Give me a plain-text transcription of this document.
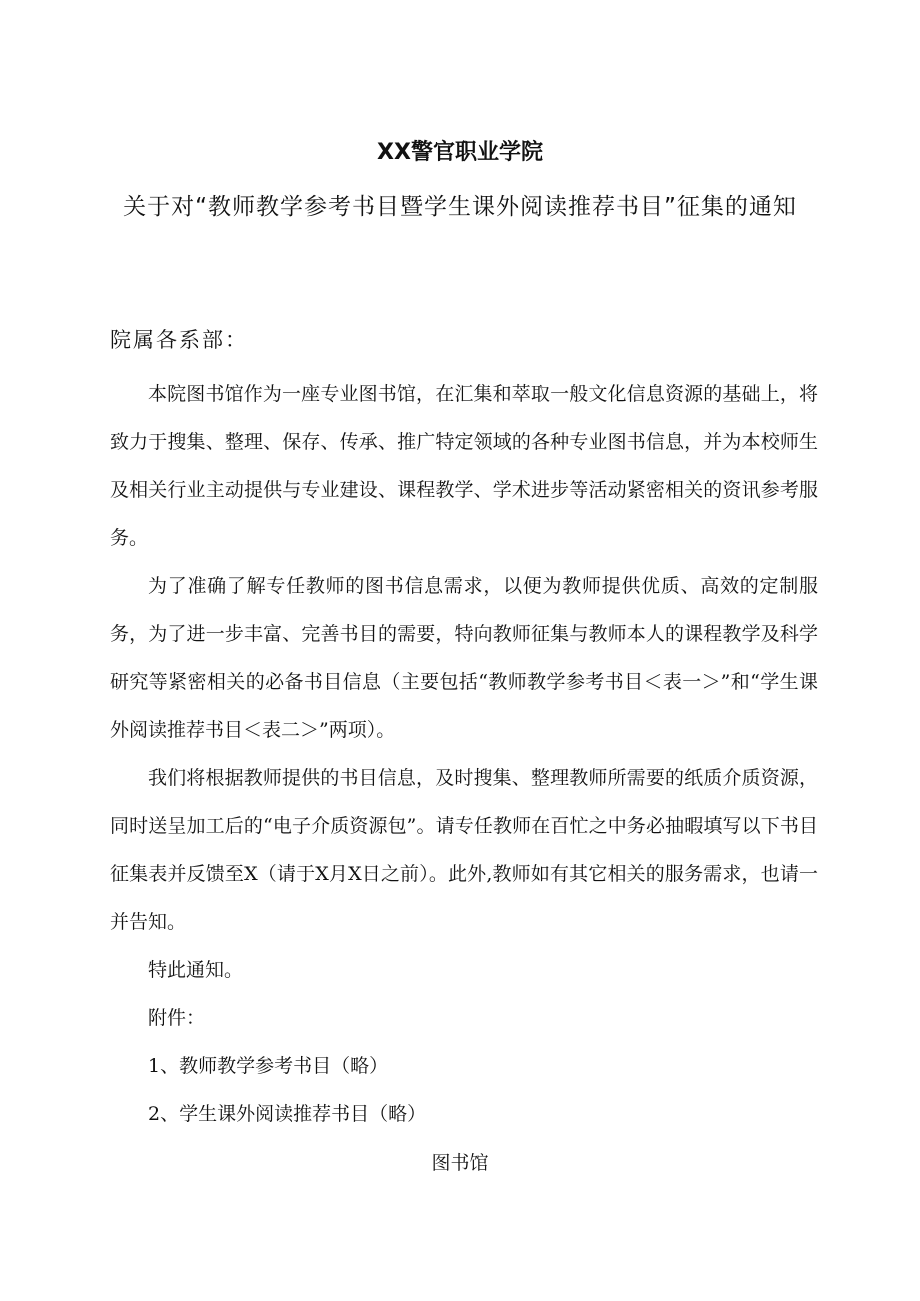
XX警官职业学院
关于对“教师教学参考书目暨学生课外阅读推荐书目”征集的通知
院属各系部：

本院图书馆作为一座专业图书馆，在汇集和萃取一般文化信息资源的基础上，将致力于搜集、整理、保存、传承、推广特定领域的各种专业图书信息，并为本校师生及相关行业主动提供与专业建设、课程教学、学术进步等活动紧密相关的资讯参考服务。

为了准确了解专任教师的图书信息需求，以便为教师提供优质、高效的定制服务，为了进一步丰富、完善书目的需要，特向教师征集与教师本人的课程教学及科学研究等紧密相关的必备书目信息（主要包括“教师教学参考书目＜表一＞”和“学生课外阅读推荐书目＜表二＞”两项）。

我们将根据教师提供的书目信息，及时搜集、整理教师所需要的纸质介质资源，同时送呈加工后的“电子介质资源包”。请专任教师在百忙之中务必抽暇填写以下书目征集表并反馈至X（请于X月X日之前）。此外,教师如有其它相关的服务需求，也请一并告知。

特此通知。

附件：

1、教师教学参考书目（略）

2、学生课外阅读推荐书目（略）

图书馆
